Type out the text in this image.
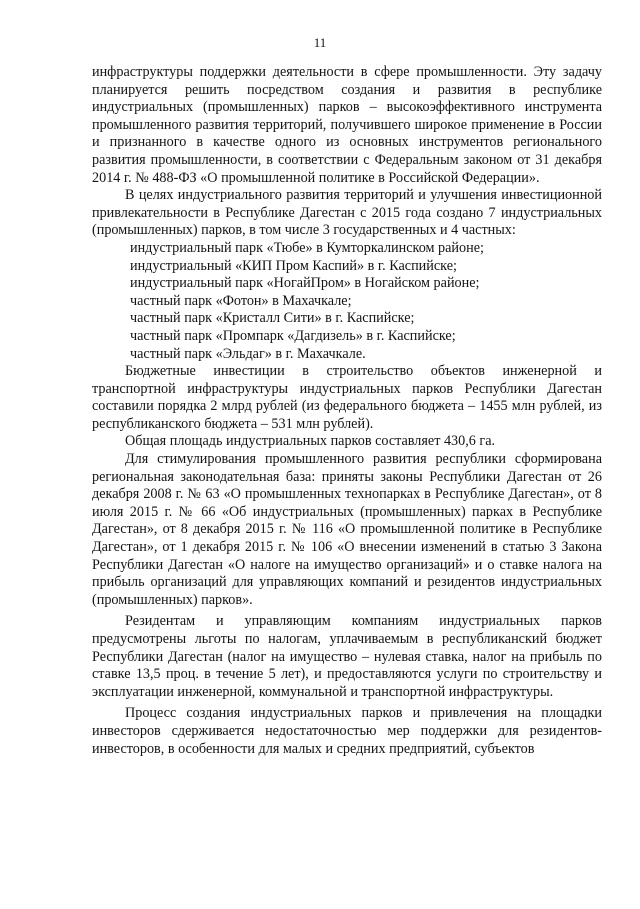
11

инфраструктуры поддержки деятельности в сфере промышленности. Эту задачу планируется решить посредством создания и развития в республике индустриальных (промышленных) парков – высокоэффективного инструмента промышленного развития территорий, получившего широкое применение в России и признанного в качестве одного из основных инструментов регионального развития промышленности, в соответствии с Федеральным законом от 31 декабря 2014 г. № 488-ФЗ «О промышленной политике в Российской Федерации».

В целях индустриального развития территорий и улучшения инвестиционной привлекательности в Республике Дагестан с 2015 года создано 7 индустриальных (промышленных) парков, в том числе 3 государственных и 4 частных:

индустриальный парк «Тюбе» в Кумторкалинском районе;
индустриальный «КИП Пром Каспий» в г. Каспийске;
индустриальный парк «НогайПром» в Ногайском районе;
частный парк «Фотон» в Махачкале;
частный парк «Кристалл Сити» в г. Каспийске;
частный парк «Промпарк «Дагдизель» в г. Каспийске;
частный парк «Эльдаг» в г. Махачкале.

Бюджетные инвестиции в строительство объектов инженерной и транспортной инфраструктуры индустриальных парков Республики Дагестан составили порядка 2 млрд рублей (из федерального бюджета – 1455 млн рублей, из республиканского бюджета – 531 млн рублей).

Общая площадь индустриальных парков составляет 430,6 га.

Для стимулирования промышленного развития республики сформирована региональная законодательная база: приняты законы Республики Дагестан от 26 декабря 2008 г. № 63 «О промышленных технопарках в Республике Дагестан», от 8 июля 2015 г. № 66 «Об индустриальных (промышленных) парках в Республике Дагестан», от 8 декабря 2015 г. № 116 «О промышленной политике в Республике Дагестан», от 1 декабря 2015 г. № 106 «О внесении изменений в статью 3 Закона Республики Дагестан «О налоге на имущество организаций» и о ставке налога на прибыль организаций для управляющих компаний и резидентов индустриальных (промышленных) парков».

Резидентам и управляющим компаниям индустриальных парков предусмотрены льготы по налогам, уплачиваемым в республиканский бюджет Республики Дагестан (налог на имущество – нулевая ставка, налог на прибыль по ставке 13,5 проц. в течение 5 лет), и предоставляются услуги по строительству и эксплуатации инженерной, коммунальной и транспортной инфраструктуры.

Процесс создания индустриальных парков и привлечения на площадки инвесторов сдерживается недостаточностью мер поддержки для резидентов-инвесторов, в особенности для малых и средних предприятий, субъектов
